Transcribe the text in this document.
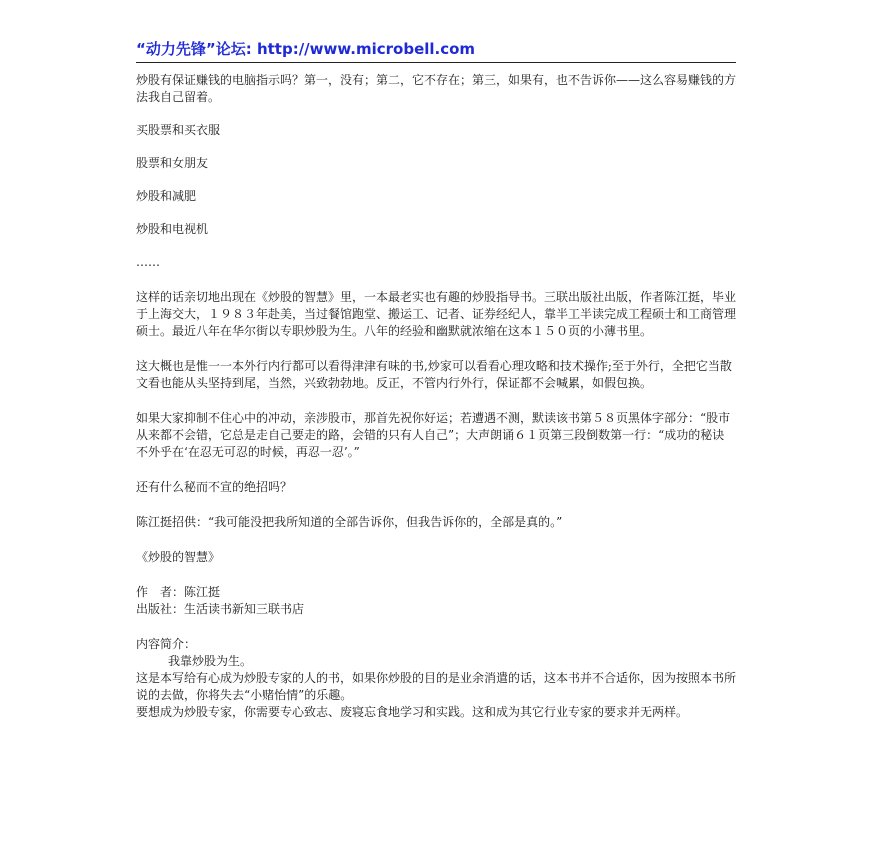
“动力先锋”论坛: http://www.microbell.com

炒股有保证赚钱的电脑指示吗？第一，没有；第二，它不存在；第三，如果有，也不告诉你——这么容易赚钱的方法我自己留着。

买股票和买衣服

股票和女朋友

炒股和减肥

炒股和电视机

……

这样的话亲切地出现在《炒股的智慧》里，一本最老实也有趣的炒股指导书。三联出版社出版，作者陈江挺，毕业于上海交大，１９８３年赴美，当过餐馆跑堂、搬运工、记者、证券经纪人，靠半工半读完成工程硕士和工商管理硕士。最近八年在华尔街以专职炒股为生。八年的经验和幽默就浓缩在这本１５０页的小薄书里。

这大概也是惟一一本外行内行都可以看得津津有味的书,炒家可以看看心理攻略和技术操作;至于外行，全把它当散文看也能从头坚持到尾，当然，兴致勃勃地。反正，不管内行外行，保证都不会喊累，如假包换。

如果大家抑制不住心中的冲动，亲涉股市，那首先祝你好运；若遭遇不测，默读该书第５８页黑体字部分：“股市从来都不会错，它总是走自己要走的路，会错的只有人自己”；大声朗诵６１页第三段倒数第一行：“成功的秘诀不外乎在‘在忍无可忍的时候，再忍一忍’。”

还有什么秘而不宣的绝招吗？

陈江挺招供：“我可能没把我所知道的全部告诉你，但我告诉你的，全部是真的。”

《炒股的智慧》

作　者：陈江挺

出版社：生活读书新知三联书店

内容简介：

我靠炒股为生。

这是本写给有心成为炒股专家的人的书，如果你炒股的目的是业余消遣的话，这本书并不合适你，因为按照本书所说的去做，你将失去“小赌怡情”的乐趣。

要想成为炒股专家，你需要专心致志、废寝忘食地学习和实践。这和成为其它行业专家的要求并无两样。
